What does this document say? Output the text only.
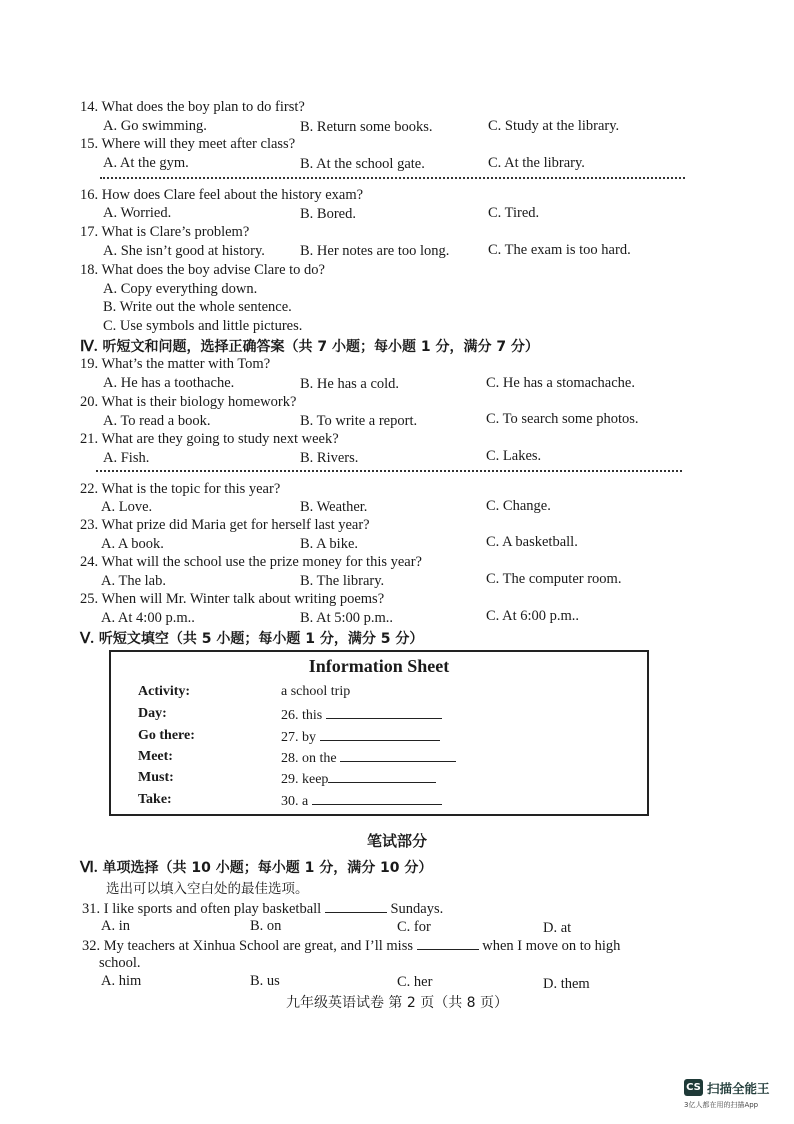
14. What does the boy plan to do first?
A. Go swimming.	B. Return some books.	C. Study at the library.
15. Where will they meet after class?
A. At the gym.	B. At the school gate.	C. At the library.
16. How does Clare feel about the history exam?
A. Worried.	B. Bored.	C. Tired.
17. What is Clare’s problem?
A. She isn’t good at history. B. Her notes are too long.	C. The exam is too hard.
18. What does the boy advise Clare to do?
A. Copy everything down.
B. Write out the whole sentence.
C. Use symbols and little pictures.
Ⅳ. 听短文和问题，选择正确答案（共 7 小题；每小题 1 分，满分 7 分）
19. What’s the matter with Tom?
A. He has a toothache.	B. He has a cold.	C. He has a stomachache.
20. What is their biology homework?
A. To read a book.	B. To write a report.	C. To search some photos.
21. What are they going to study next week?
A. Fish.	B. Rivers.	C. Lakes.
22. What is the topic for this year?
A. Love.	B. Weather.	C. Change.
23. What prize did Maria get for herself last year?
A. A book.	B. A bike.	C. A basketball.
24. What will the school use the prize money for this year?
A. The lab.	B. The library.	C. The computer room.
25. When will Mr. Winter talk about writing poems?
A. At 4:00 p.m..	B. At 5:00 p.m..	C. At 6:00 p.m..
Ⅴ. 听短文填空（共 5 小题；每小题 1 分，满分 5 分）
Information Sheet
Activity:	a school trip
Day:	26. this
Go there:	27. by
Meet:	28. on the
Must:	29. keep
Take:	30. a
笔试部分
Ⅵ. 单项选择（共 10 小题；每小题 1 分，满分 10 分）
选出可以填入空白处的最佳选项。
31. I like sports and often play basketball	Sundays.
A. in	B. on	C. for	D. at
32. My teachers at Xinhua School are great, and I’ll miss	when I move on to high
school.
A. him	B. us	C. her	D. them
九年级英语试卷 第 2 页（共 8 页）
CS 扫描全能王
3亿人都在用的扫描App
